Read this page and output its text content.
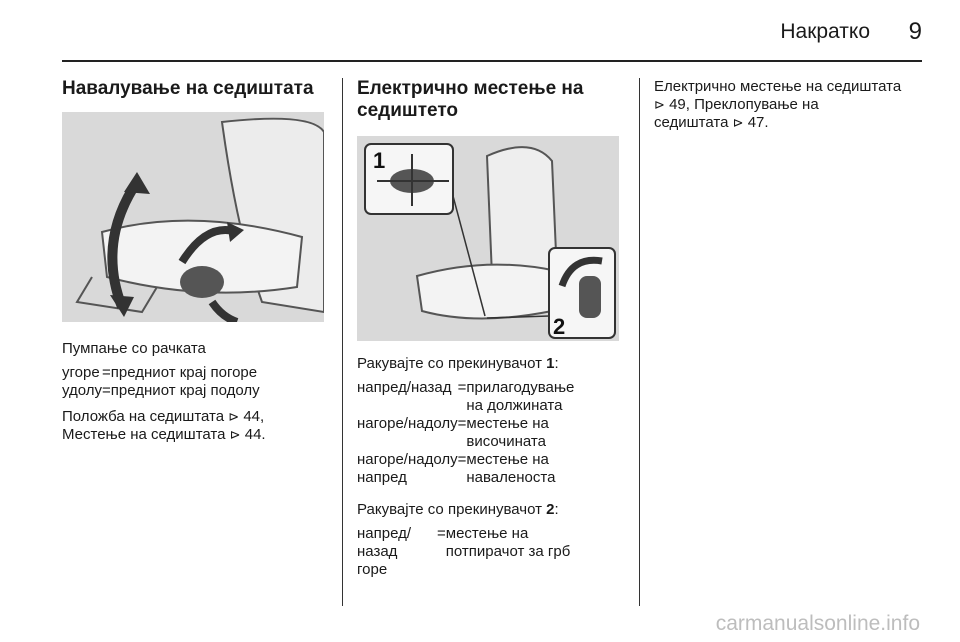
Накратко 9
Навалување на седиштата

Пумпање со рачката

угоре	=	предниот крај погоре
удолу	=	предниот крај подолу

Положба на седиштата ⊳ 44,
Местење на седиштата ⊳ 44.

Електрично местење на
седиштето
1
2

Ракувајте со прекинувачот 1:

напред/назад	=	прилагодување
на должината
нагоре/надолу	=	местење на
височината
нагоре/надолу
напред	=	местење на
наваленоста

Ракувајте со прекинувачот 2:

напред/
назад
горе	=	местење на
потпирачот за грб

Електрично местење на седиштата
⊳ 49, Преклопување на
седиштата ⊳ 47.

carmanualsonline.info
